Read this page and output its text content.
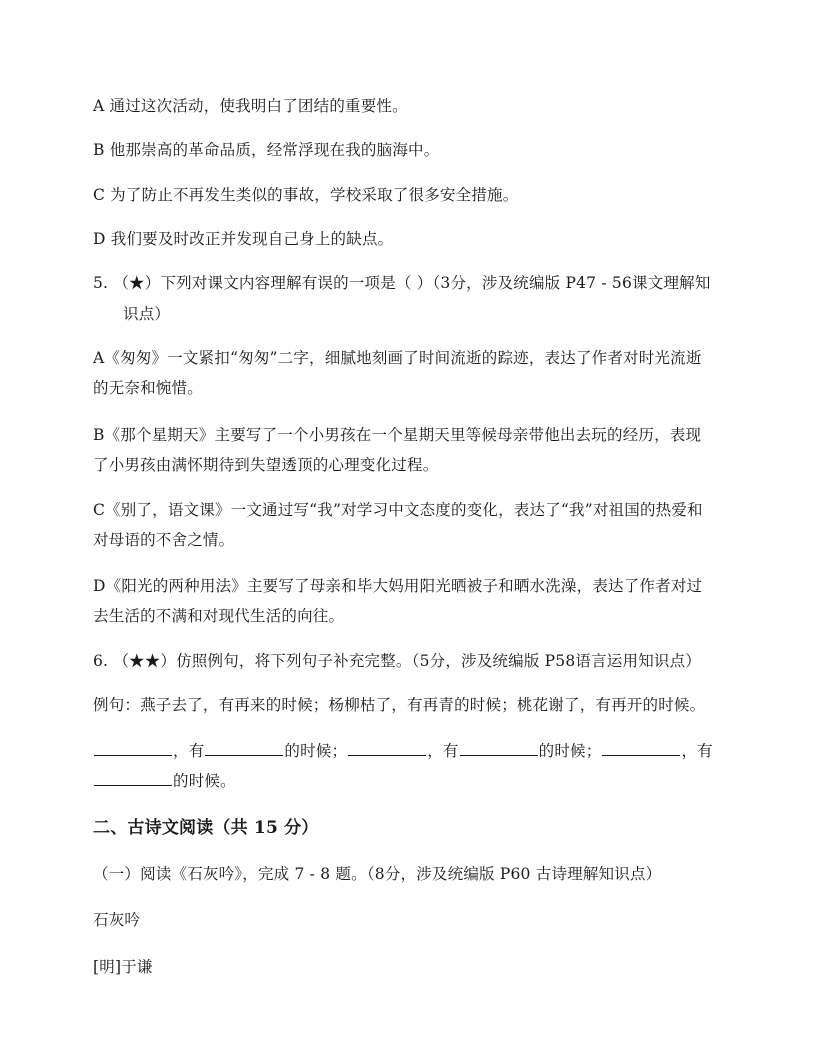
A 通过这次活动，使我明白了团结的重要性。
B 他那崇高的革命品质，经常浮现在我的脑海中。
C 为了防止不再发生类似的事故，学校采取了很多安全措施。
D 我们要及时改正并发现自己身上的缺点。
5. （★）下列对课文内容理解有误的一项是（ ）（3分，涉及统编版 P47 - 56课文理解知
识点）
A《匆匆》一文紧扣“匆匆”二字，细腻地刻画了时间流逝的踪迹，表达了作者对时光流逝
的无奈和惋惜。
B《那个星期天》主要写了一个小男孩在一个星期天里等候母亲带他出去玩的经历，表现
了小男孩由满怀期待到失望透顶的心理变化过程。
C《别了，语文课》一文通过写“我”对学习中文态度的变化，表达了“我”对祖国的热爱和
对母语的不舍之情。
D《阳光的两种用法》主要写了母亲和毕大妈用阳光晒被子和晒水洗澡，表达了作者对过
去生活的不满和对现代生活的向往。
6. （★★）仿照例句，将下列句子补充完整。（5分，涉及统编版 P58语言运用知识点）
例句：燕子去了，有再来的时候；杨柳枯了，有再青的时候；桃花谢了，有再开的时候。
，有	的时候；	，有	的时候；	，有
的时候。
二、古诗文阅读（共 15 分）
（一）阅读《石灰吟》，完成 7 - 8 题。（8分，涉及统编版 P60 古诗理解知识点）
石灰吟
[明]于谦
